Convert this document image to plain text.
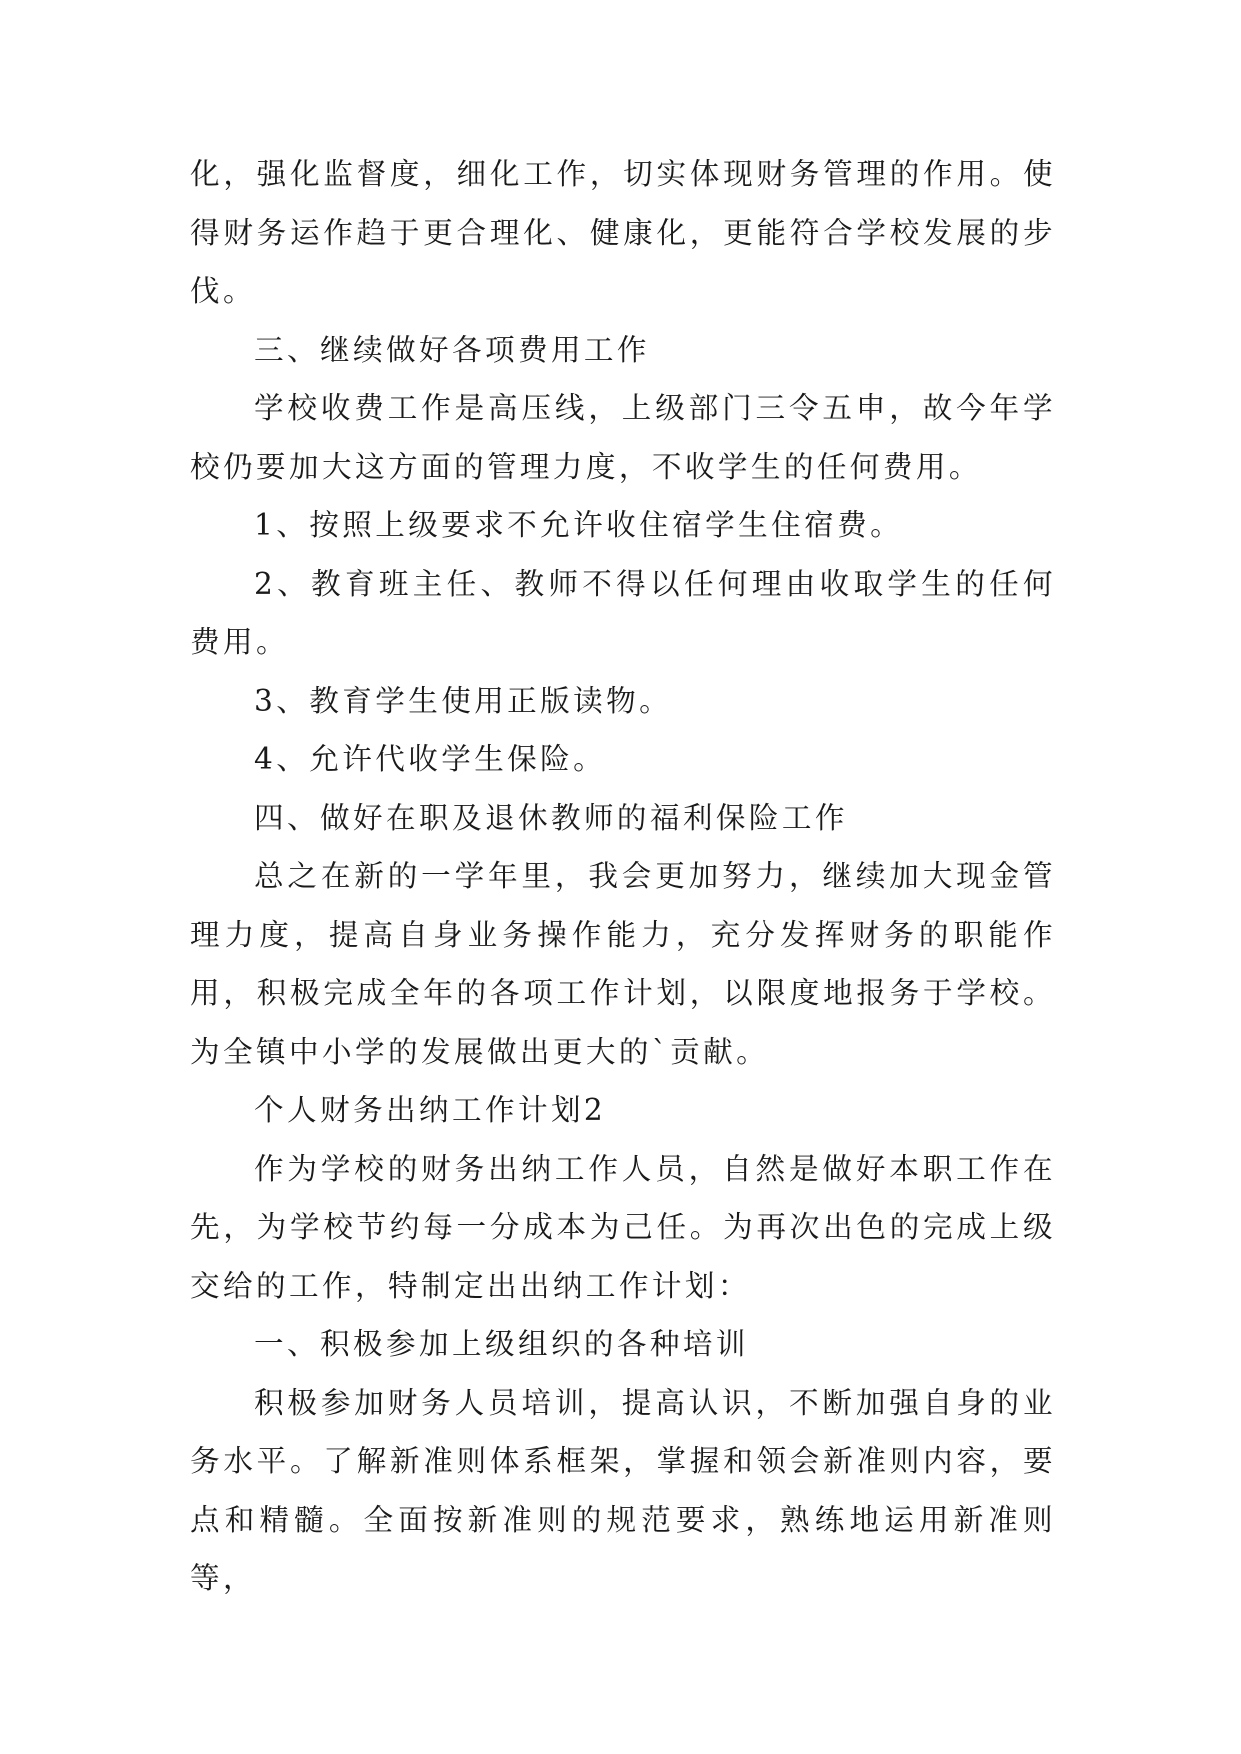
化，强化监督度，细化工作，切实体现财务管理的作用。使得财务运作趋于更合理化、健康化，更能符合学校发展的步伐。

三、继续做好各项费用工作

学校收费工作是高压线，上级部门三令五申，故今年学校仍要加大这方面的管理力度，不收学生的任何费用。

1、按照上级要求不允许收住宿学生住宿费。

2、教育班主任、教师不得以任何理由收取学生的任何费用。

3、教育学生使用正版读物。

4、允许代收学生保险。

四、做好在职及退休教师的福利保险工作

总之在新的一学年里，我会更加努力，继续加大现金管理力度，提高自身业务操作能力，充分发挥财务的职能作用，积极完成全年的各项工作计划，以限度地报务于学校。为全镇中小学的发展做出更大的`贡献。

个人财务出纳工作计划2

作为学校的财务出纳工作人员，自然是做好本职工作在先，为学校节约每一分成本为己任。为再次出色的完成上级交给的工作，特制定出出纳工作计划：

一、积极参加上级组织的各种培训

积极参加财务人员培训，提高认识，不断加强自身的业务水平。了解新准则体系框架，掌握和领会新准则内容，要点和精髓。全面按新准则的规范要求，熟练地运用新准则等，
